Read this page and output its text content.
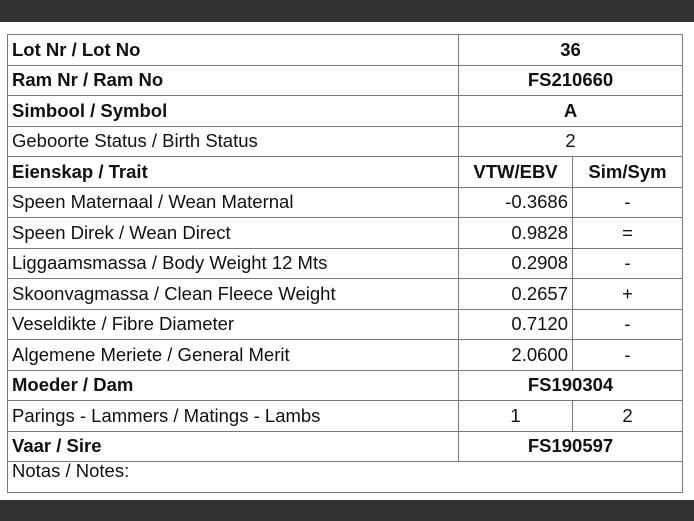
Lot Nr / Lot No	36	
Ram Nr / Ram No	FS210660	
Simbool / Symbol	A	
Geboorte Status / Birth Status	2	
Eienskap / Trait	VTW/EBV	Sim/Sym
Speen Maternaal / Wean Maternal	-0.3686	-
Speen Direk / Wean Direct	0.9828	=
Liggaamsmassa / Body Weight 12 Mts	0.2908	-
Skoonvagmassa / Clean Fleece Weight	0.2657	+
Veseldikte / Fibre Diameter	0.7120	-
Algemene Meriete / General Merit	2.0600	-
Moeder / Dam	FS190304	
Parings - Lammers / Matings - Lambs	1	2
Vaar / Sire	FS190597	
Notas / Notes:		
